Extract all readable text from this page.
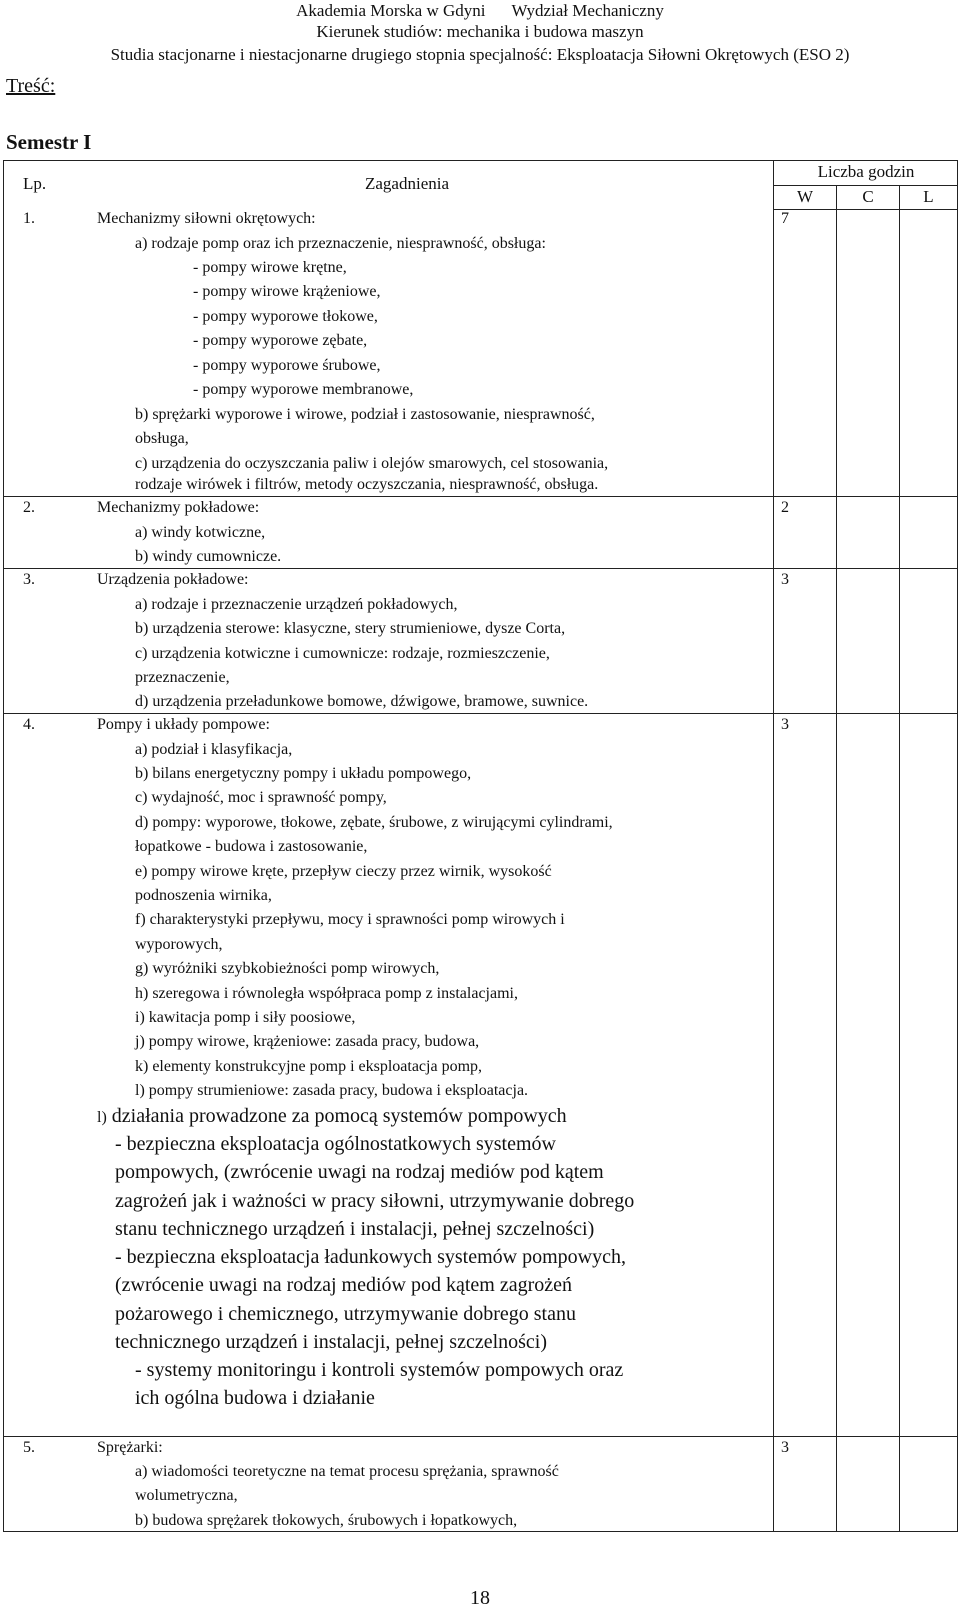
Akademia Morska w Gdyni Wydział Mechaniczny
Kierunek studiów: mechanika i budowa maszyn
Studia stacjonarne i niestacjonarne drugiego stopnia specjalność: Eksploatacja Siłowni Okrętowych (ESO 2)
Treść:
Semestr I
Lp.	Zagadnienia
Liczba godzin
W	C	L
1.	Mechanizmy siłowni okrętowych:	7
a) rodzaje pomp oraz ich przeznaczenie, niesprawność, obsługa:
- pompy wirowe krętne,
- pompy wirowe krążeniowe,
- pompy wyporowe tłokowe,
- pompy wyporowe zębate,
- pompy wyporowe śrubowe,
- pompy wyporowe membranowe,
b) sprężarki wyporowe i wirowe, podział i zastosowanie, niesprawność,
obsługa,
c) urządzenia do oczyszczania paliw i olejów smarowych, cel stosowania,
rodzaje wirówek i filtrów, metody oczyszczania, niesprawność, obsługa.
2.	Mechanizmy pokładowe:	2
a) windy kotwiczne,
b) windy cumownicze.
3.	Urządzenia pokładowe:	3
a) rodzaje i przeznaczenie urządzeń pokładowych,
b) urządzenia sterowe: klasyczne, stery strumieniowe, dysze Corta,
c) urządzenia kotwiczne i cumownicze: rodzaje, rozmieszczenie,
przeznaczenie,
d) urządzenia przeładunkowe bomowe, dźwigowe, bramowe, suwnice.
4.	Pompy i układy pompowe:	3
a) podział i klasyfikacja,
b) bilans energetyczny pompy i układu pompowego,
c) wydajność, moc i sprawność pompy,
d) pompy: wyporowe, tłokowe, zębate, śrubowe, z wirującymi cylindrami,
łopatkowe - budowa i zastosowanie,
e) pompy wirowe kręte, przepływ cieczy przez wirnik, wysokość
podnoszenia wirnika,
f) charakterystyki przepływu, mocy i sprawności pomp wirowych i
wyporowych,
g) wyróżniki szybkobieżności pomp wirowych,
h) szeregowa i równoległa współpraca pomp z instalacjami,
i) kawitacja pomp i siły poosiowe,
j) pompy wirowe, krążeniowe: zasada pracy, budowa,
k) elementy konstrukcyjne pomp i eksploatacja pomp,
l) pompy strumieniowe: zasada pracy, budowa i eksploatacja.
l) działania prowadzone za pomocą systemów pompowych
- bezpieczna eksploatacja ogólnostatkowych systemów
pompowych, (zwrócenie uwagi na rodzaj mediów pod kątem
zagrożeń jak i ważności w pracy siłowni, utrzymywanie dobrego
stanu technicznego urządzeń i instalacji, pełnej szczelności)
- bezpieczna eksploatacja ładunkowych systemów pompowych,
(zwrócenie uwagi na rodzaj mediów pod kątem zagrożeń
pożarowego i chemicznego, utrzymywanie dobrego stanu
technicznego urządzeń i instalacji, pełnej szczelności)
- systemy monitoringu i kontroli systemów pompowych oraz
ich ogólna budowa i działanie
5.	Sprężarki:	3
a) wiadomości teoretyczne na temat procesu sprężania, sprawność
wolumetryczna,
b) budowa sprężarek tłokowych, śrubowych i łopatkowych,
18
